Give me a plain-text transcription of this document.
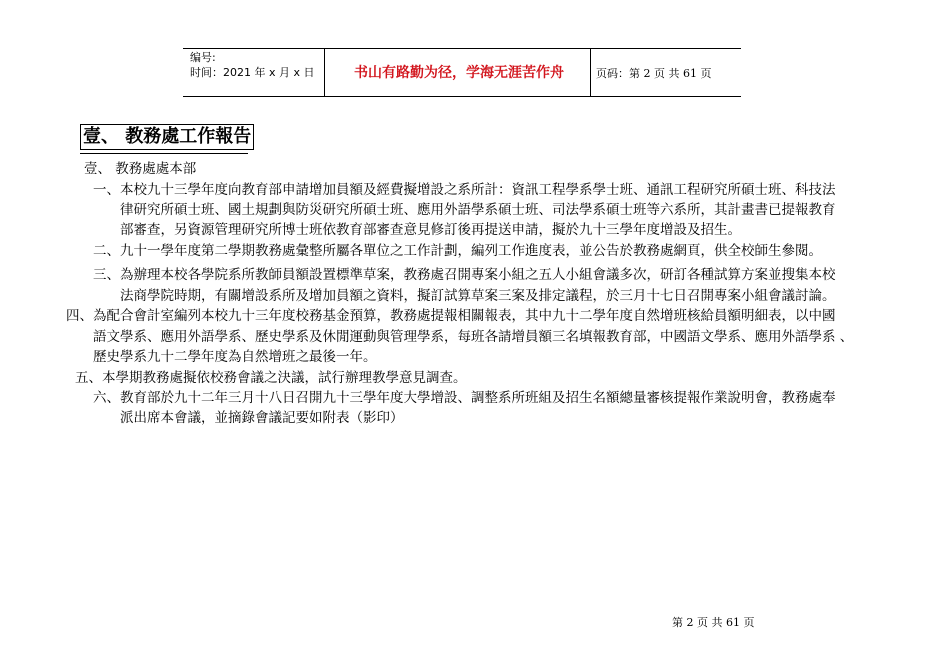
编号:
时间：2021 年 x 月 x 日	书山有路勤为径，学海无涯苦作舟	页码：第 2 页 共 61 页
壹、 教務處工作報告
壹、 教務處處本部
一、本校九十三學年度向教育部申請增加員額及經費擬增設之系所計：資訊工程學系學士班、通訊工程研究所碩士班、科技法
律研究所碩士班、國土規劃與防災研究所碩士班、應用外語學系碩士班、司法學系碩士班等六系所，其計畫書已提報教育
部審查，另資源管理研究所博士班依教育部審查意見修訂後再提送申請，擬於九十三學年度增設及招生。
二、九十一學年度第二學期教務處彙整所屬各單位之工作計劃，編列工作進度表，並公告於教務處網頁，供全校師生參閱。
三、為辦理本校各學院系所教師員額設置標準草案，教務處召開專案小組之五人小組會議多次，研訂各種試算方案並搜集本校
法商學院時期，有關增設系所及增加員額之資料，擬訂試算草案三案及排定議程，於三月十七日召開專案小組會議討論。
四、為配合會計室編列本校九十三年度校務基金預算，教務處提報相關報表，其中九十二學年度自然增班核給員額明細表，以中國
語文學系、應用外語學系、歷史學系及休閒運動與管理學系，每班各請增員額三名填報教育部，中國語文學系、應用外語學系 、
歷史學系九十二學年度為自然增班之最後一年。
五、本學期教務處擬依校務會議之決議，試行辦理教學意見調查。
六、教育部於九十二年三月十八日召開九十三學年度大學增設、調整系所班組及招生名額總量審核提報作業說明會，教務處奉
派出席本會議，並摘錄會議記要如附表（影印）
第 2 页 共 61 页
